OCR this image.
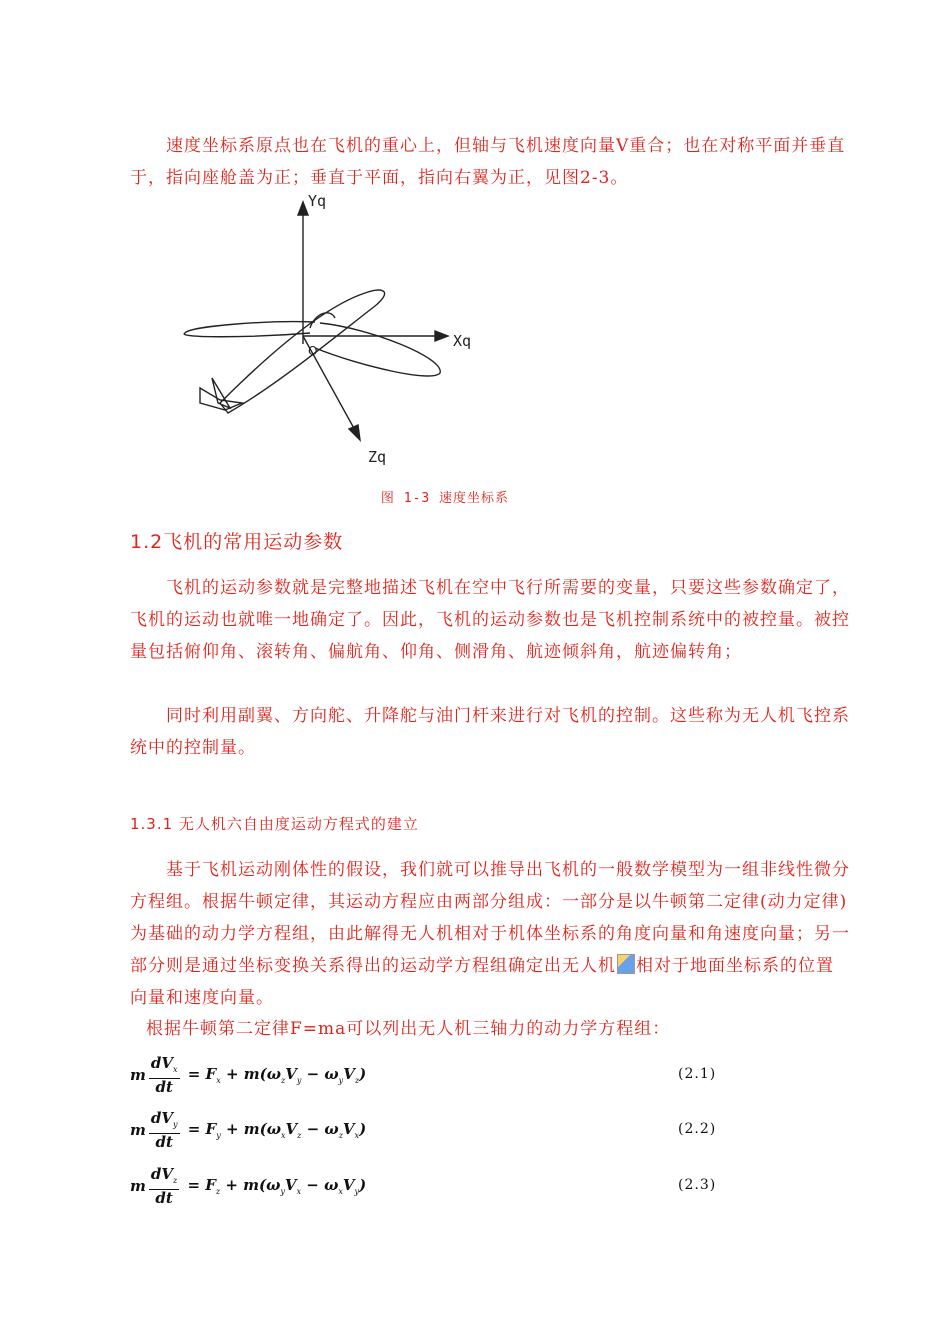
速度坐标系原点也在飞机的重心上，但轴与飞机速度向量V重合；也在对称平面并垂直于，指向座舱盖为正；垂直于平面，指向右翼为正，见图2-3。

Yq
Xq
Zq
O
图 1-3 速度坐标系
1.2飞机的常用运动参数

飞机的运动参数就是完整地描述飞机在空中飞行所需要的变量，只要这些参数确定了，飞机的运动也就唯一地确定了。因此，飞机的运动参数也是飞机控制系统中的被控量。被控量包括俯仰角、滚转角、偏航角、仰角、侧滑角、航迹倾斜角，航迹偏转角；

同时利用副翼、方向舵、升降舵与油门杆来进行对飞机的控制。这些称为无人机飞控系统中的控制量。

1.3.1 无人机六自由度运动方程式的建立

基于飞机运动刚体性的假设，我们就可以推导出飞机的一般数学模型为一组非线性微分方程组。根据牛顿定律，其运动方程应由两部分组成：一部分是以牛顿第二定律(动力定律)为基础的动力学方程组，由此解得无人机相对于机体坐标系的角度向量和角速度向量；另一部分则是通过坐标变换关系得出的运动学方程组确定出无人机 相对于地面坐标系的位置向量和速度向量。

根据牛顿第二定律F=ma可以列出无人机三轴力的动力学方程组：

m $\frac{dV_x}{dt} = F_x + m(\omega_zV_y - \omega_yV_z)$	(2.1)
m $\frac{dV_y}{dt} = F_y + m(\omega_xV_z - \omega_zV_x)$	(2.2)
m $\frac{dV_z}{dt} = F_z + m(\omega_yV_x - \omega_xV_y)$	(2.3)
